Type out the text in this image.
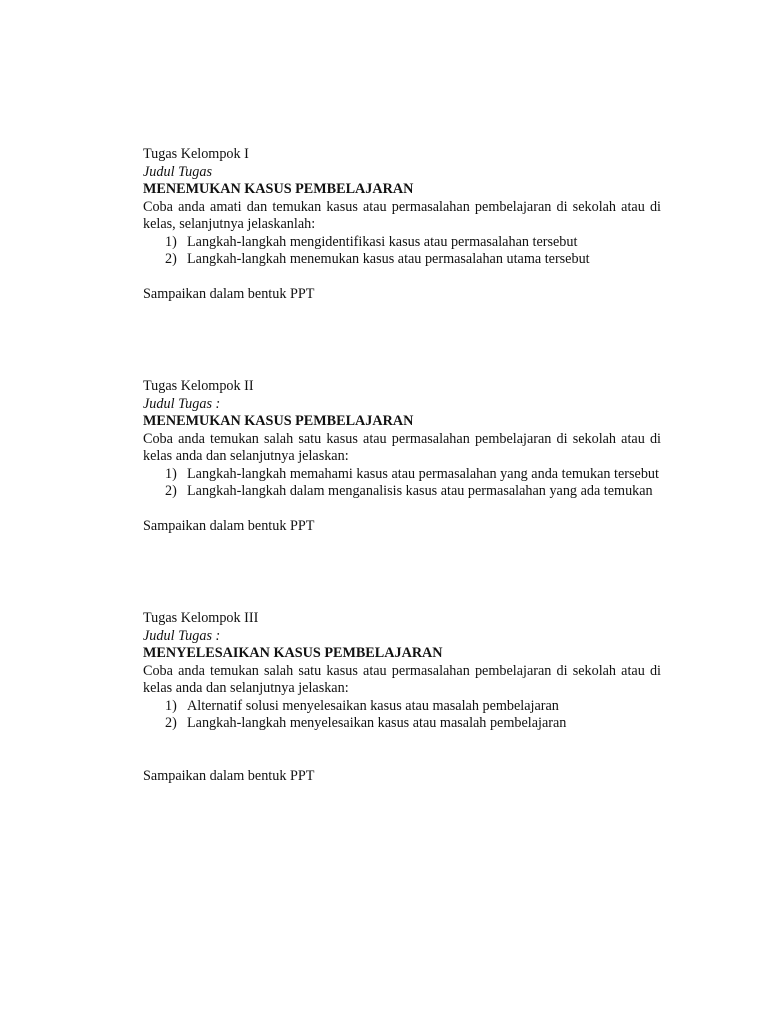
Tugas Kelompok I
Judul Tugas
MENEMUKAN KASUS PEMBELAJARAN
Coba anda amati dan temukan kasus atau permasalahan pembelajaran di sekolah atau di kelas, selanjutnya jelaskanlah:
1) Langkah-langkah mengidentifikasi kasus atau permasalahan tersebut
2) Langkah-langkah menemukan kasus atau permasalahan utama tersebut
Sampaikan dalam bentuk PPT
Tugas Kelompok II
Judul Tugas :
MENEMUKAN KASUS PEMBELAJARAN
Coba anda temukan salah satu kasus atau permasalahan pembelajaran di sekolah atau di kelas anda dan selanjutnya jelaskan:
1) Langkah-langkah memahami kasus atau permasalahan yang anda temukan tersebut
2) Langkah-langkah dalam menganalisis kasus atau permasalahan yang ada temukan
Sampaikan dalam bentuk PPT
Tugas Kelompok III
Judul Tugas :
MENYELESAIKAN KASUS PEMBELAJARAN
Coba anda temukan salah satu kasus atau permasalahan pembelajaran di sekolah atau di kelas anda dan selanjutnya jelaskan:
1) Alternatif solusi menyelesaikan kasus atau masalah pembelajaran
2) Langkah-langkah menyelesaikan kasus atau masalah pembelajaran
Sampaikan dalam bentuk PPT
